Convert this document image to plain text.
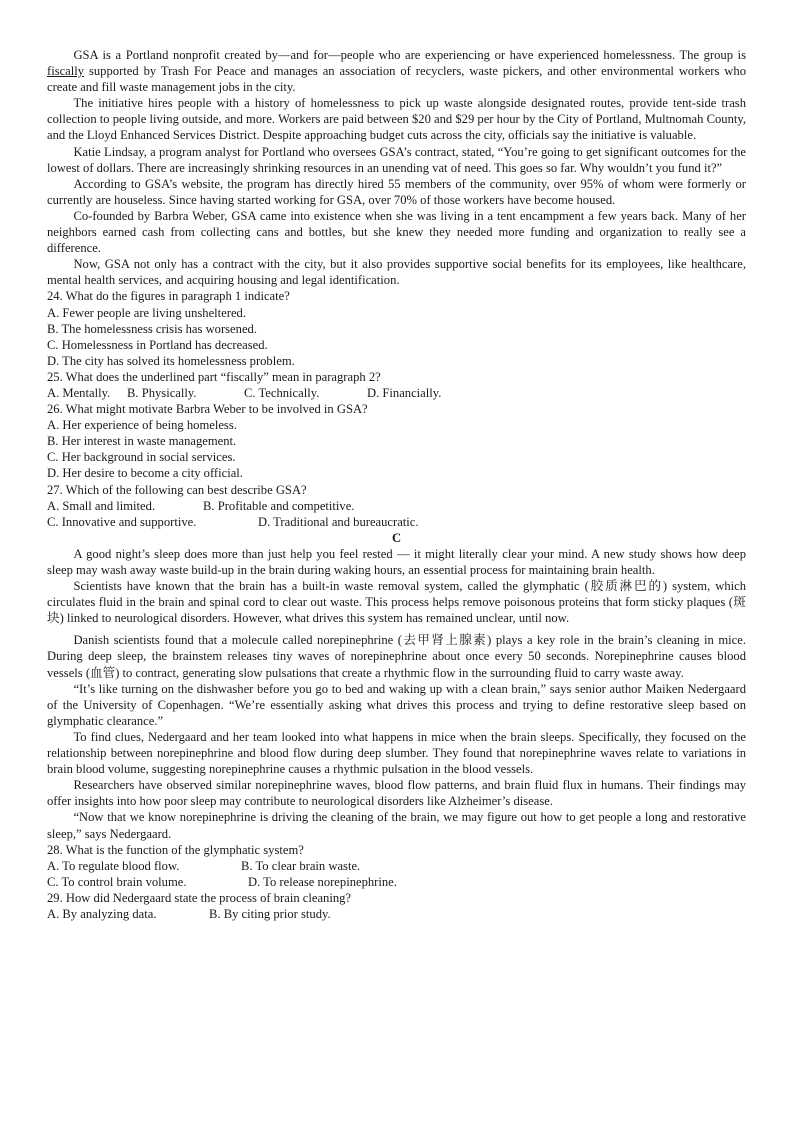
GSA is a Portland nonprofit created by—and for—people who are experiencing or have experienced homelessness. The group is fiscally supported by Trash For Peace and manages an association of recyclers, waste pickers, and other environmental workers who create and fill waste management jobs in the city.

The initiative hires people with a history of homelessness to pick up waste alongside designated routes, provide tent-side trash collection to people living outside, and more. Workers are paid between $20 and $29 per hour by the City of Portland, Multnomah County, and the Lloyd Enhanced Services District. Despite approaching budget cuts across the city, officials say the initiative is valuable.

Katie Lindsay, a program analyst for Portland who oversees GSA’s contract, stated, “You’re going to get significant outcomes for the lowest of dollars. There are increasingly shrinking resources in an unending vat of need. This goes so far. Why wouldn’t you fund it?”

According to GSA’s website, the program has directly hired 55 members of the community, over 95% of whom were formerly or currently are houseless. Since having started working for GSA, over 70% of those workers have become housed.

Co-founded by Barbra Weber, GSA came into existence when she was living in a tent encampment a few years back. Many of her neighbors earned cash from collecting cans and bottles, but she knew they needed more funding and organization to really see a difference.

Now, GSA not only has a contract with the city, but it also provides supportive social benefits for its employees, like healthcare, mental health services, and acquiring housing and legal identification.

24. What do the figures in paragraph 1 indicate?

A. Fewer people are living unsheltered.

B. The homelessness crisis has worsened.

C. Homelessness in Portland has decreased.

D. The city has solved its homelessness problem.

25. What does the underlined part “fiscally” mean in paragraph 2?

A. Mentally. B. Physically.	C. Technically.	D. Financially.

26. What might motivate Barbra Weber to be involved in GSA?

A. Her experience of being homeless.

B. Her interest in waste management.

C. Her background in social services.

D. Her desire to become a city official.

27. Which of the following can best describe GSA?

A. Small and limited.	B. Profitable and competitive.

C. Innovative and supportive.	D. Traditional and bureaucratic.

C

A good night’s sleep does more than just help you feel rested — it might literally clear your mind. A new study shows how deep sleep may wash away waste build-up in the brain during waking hours, an essential process for maintaining brain health.

Scientists have known that the brain has a built-in waste removal system, called the glymphatic (胶质淋巴的) system, which circulates fluid in the brain and spinal cord to clear out waste. This process helps remove poisonous proteins that form sticky plaques (斑块) linked to neurological disorders. However, what drives this system has remained unclear, until now.

Danish scientists found that a molecule called norepinephrine (去甲肾上腺素) plays a key role in the brain’s cleaning in mice. During deep sleep, the brainstem releases tiny waves of norepinephrine about once every 50 seconds. Norepinephrine causes blood vessels (血管) to contract, generating slow pulsations that create a rhythmic flow in the surrounding fluid to carry waste away.

“It’s like turning on the dishwasher before you go to bed and waking up with a clean brain,” says senior author Maiken Nedergaard of the University of Copenhagen. “We’re essentially asking what drives this process and trying to define restorative sleep based on glymphatic clearance.”

To find clues, Nedergaard and her team looked into what happens in mice when the brain sleeps. Specifically, they focused on the relationship between norepinephrine and blood flow during deep slumber. They found that norepinephrine waves relate to variations in brain blood volume, suggesting norepinephrine causes a rhythmic pulsation in the blood vessels.

Researchers have observed similar norepinephrine waves, blood flow patterns, and brain fluid flux in humans. Their findings may offer insights into how poor sleep may contribute to neurological disorders like Alzheimer’s disease.

“Now that we know norepinephrine is driving the cleaning of the brain, we may figure out how to get people a long and restorative sleep,” says Nedergaard.

28. What is the function of the glymphatic system?

A. To regulate blood flow.	B. To clear brain waste.

C. To control brain volume.	D. To release norepinephrine.

29. How did Nedergaard state the process of brain cleaning?

A. By analyzing data.	B. By citing prior study.
